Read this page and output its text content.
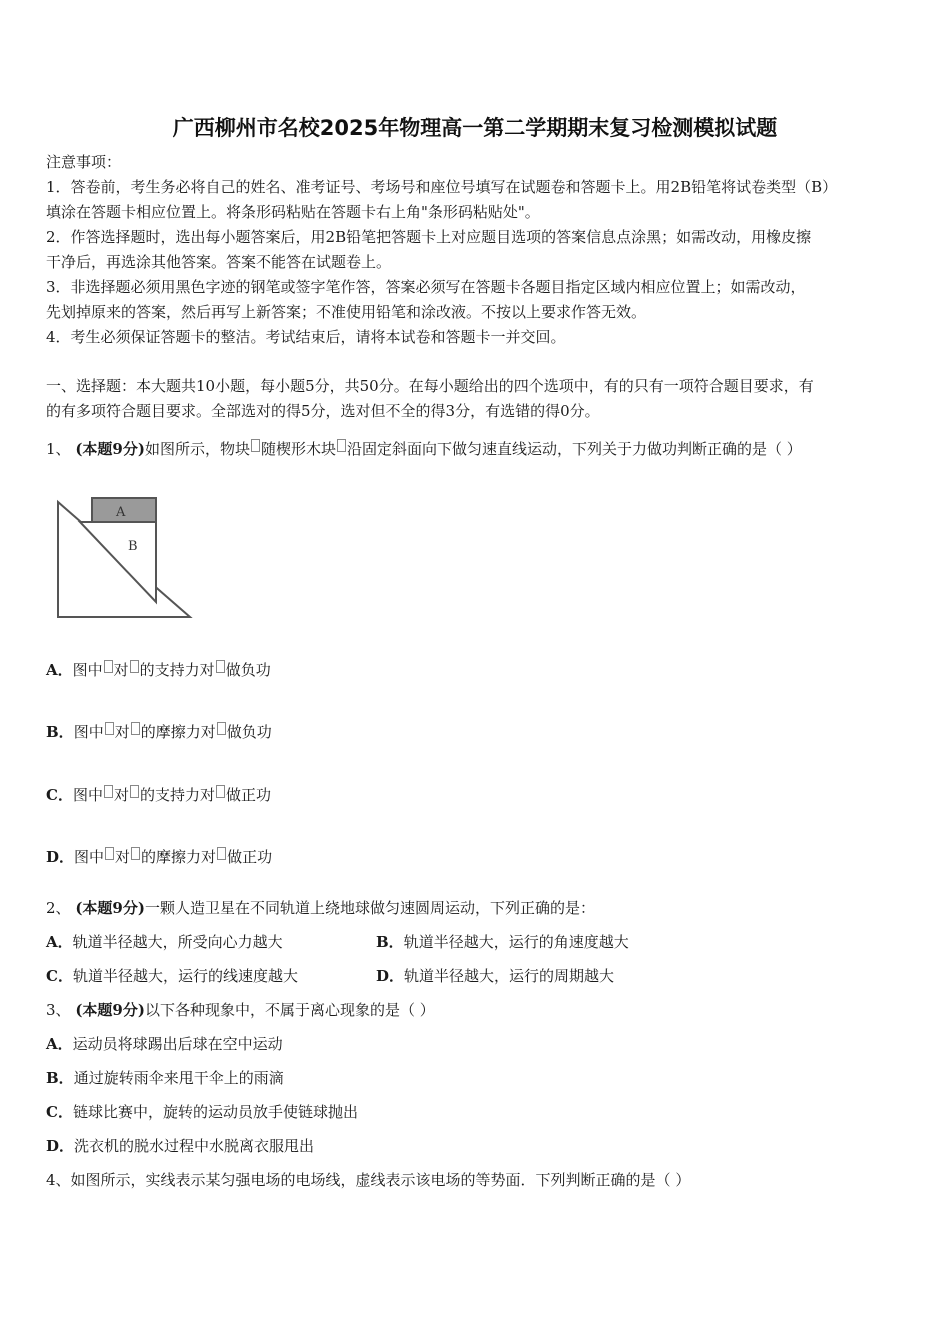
广西柳州市名校2025年物理高一第二学期期末复习检测模拟试题
注意事项：
1．答卷前，考生务必将自己的姓名、准考证号、考场号和座位号填写在试题卷和答题卡上。用2B铅笔将试卷类型（B）
填涂在答题卡相应位置上。将条形码粘贴在答题卡右上角"条形码粘贴处"。
2．作答选择题时，选出每小题答案后，用2B铅笔把答题卡上对应题目选项的答案信息点涂黑；如需改动，用橡皮擦
干净后，再选涂其他答案。答案不能答在试题卷上。
3．非选择题必须用黑色字迹的钢笔或签字笔作答，答案必须写在答题卡各题目指定区域内相应位置上；如需改动，
先划掉原来的答案，然后再写上新答案；不准使用铅笔和涂改液。不按以上要求作答无效。
4．考生必须保证答题卡的整洁。考试结束后，请将本试卷和答题卡一并交回。
一、选择题：本大题共10小题，每小题5分，共50分。在每小题给出的四个选项中，有的只有一项符合题目要求，有
的有多项符合题目要求。全部选对的得5分，选对但不全的得3分，有选错的得0分。
1、 (本题9分)如图所示，物块 随楔形木块 沿固定斜面向下做匀速直线运动，下列关于力做功判断正确的是（ ）
A
B
A．图中 对 的支持力对 做负功
B．图中 对 的摩擦力对 做负功
C．图中 对 的支持力对 做正功
D．图中 对 的摩擦力对 做正功
2、 (本题9分)一颗人造卫星在不同轨道上绕地球做匀速圆周运动，下列正确的是：
A．轨道半径越大，所受向心力越大	B．轨道半径越大，运行的角速度越大
C．轨道半径越大，运行的线速度越大	D．轨道半径越大，运行的周期越大
3、 (本题9分)以下各种现象中，不属于离心现象的是（ ）
A．运动员将球踢出后球在空中运动
B．通过旋转雨伞来甩干伞上的雨滴
C．链球比赛中，旋转的运动员放手使链球抛出
D．洗衣机的脱水过程中水脱离衣服甩出
4、如图所示，实线表示某匀强电场的电场线，虚线表示该电场的等势面．下列判断正确的是（ ）
